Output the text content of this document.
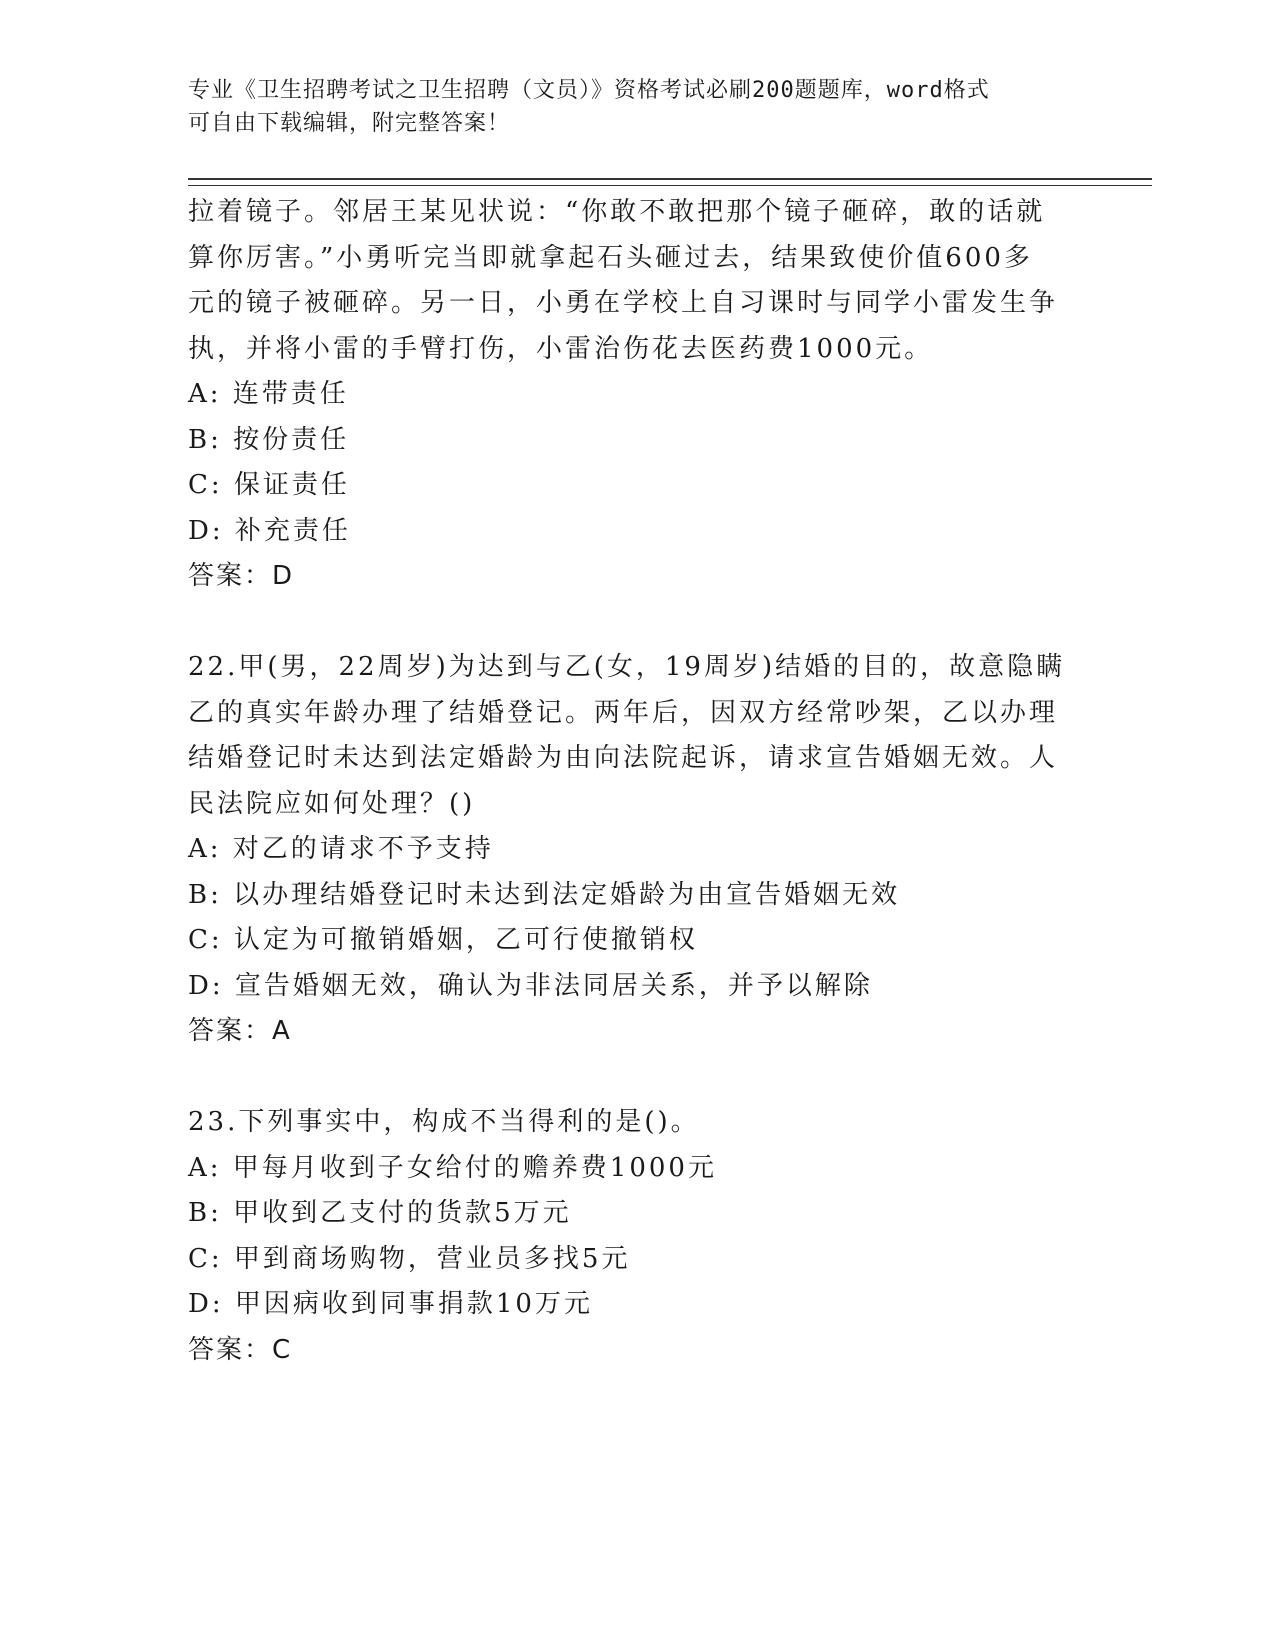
专业《卫生招聘考试之卫生招聘（文员）》资格考试必刷200题题库，word格式
可自由下载编辑，附完整答案！
拉着镜子。邻居王某见状说：“你敢不敢把那个镜子砸碎，敢的话就
算你厉害。”小勇听完当即就拿起石头砸过去，结果致使价值600多
元的镜子被砸碎。另一日，小勇在学校上自习课时与同学小雷发生争
执，并将小雷的手臂打伤，小雷治伤花去医药费1000元。
A: 连带责任
B: 按份责任
C: 保证责任
D: 补充责任
答案：D
22.甲(男，22周岁)为达到与乙(女，19周岁)结婚的目的，故意隐瞒
乙的真实年龄办理了结婚登记。两年后，因双方经常吵架，乙以办理
结婚登记时未达到法定婚龄为由向法院起诉，请求宣告婚姻无效。人
民法院应如何处理？()
A: 对乙的请求不予支持
B: 以办理结婚登记时未达到法定婚龄为由宣告婚姻无效
C: 认定为可撤销婚姻，乙可行使撤销权
D: 宣告婚姻无效，确认为非法同居关系，并予以解除
答案：A
23.下列事实中，构成不当得利的是()。
A: 甲每月收到子女给付的赡养费1000元
B: 甲收到乙支付的货款5万元
C: 甲到商场购物，营业员多找5元
D: 甲因病收到同事捐款10万元
答案：C
